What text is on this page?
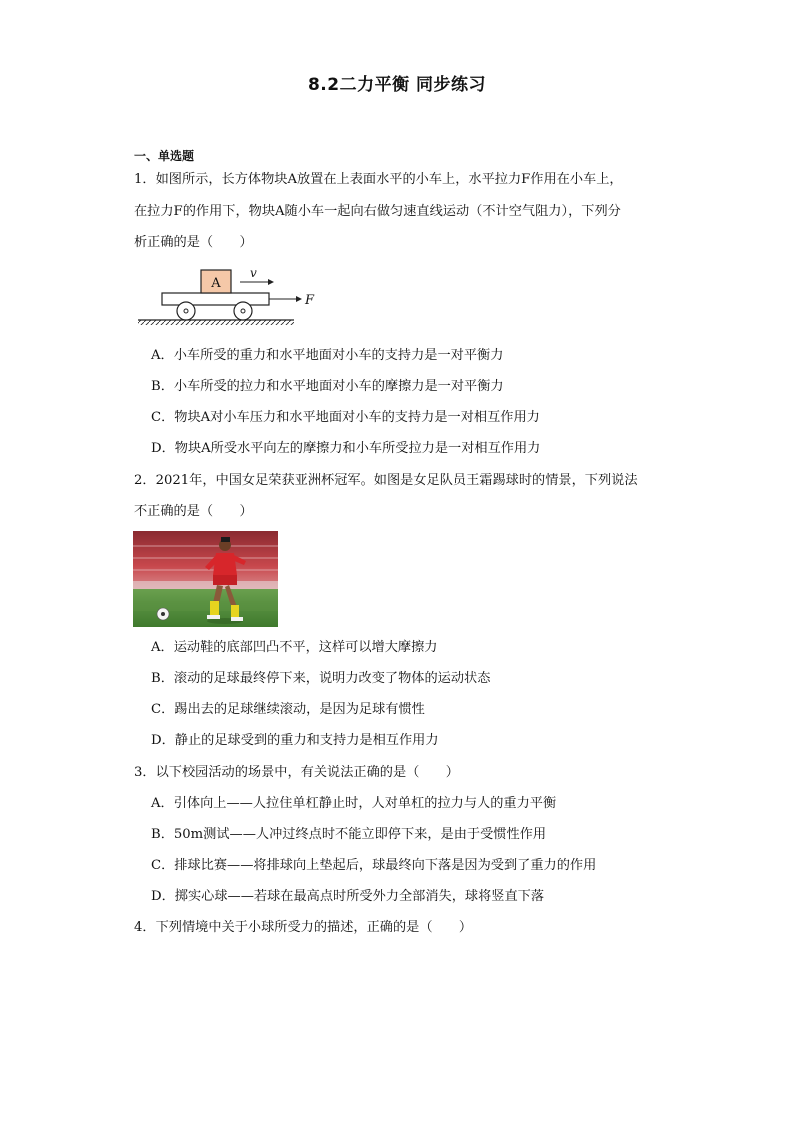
8.2二力平衡 同步练习
一、单选题
1．如图所示，长方体物块A放置在上表面水平的小车上，水平拉力F作用在小车上，
在拉力F的作用下，物块A随小车一起向右做匀速直线运动（不计空气阻力），下列分
析正确的是（　　）
A
v
F
A．小车所受的重力和水平地面对小车的支持力是一对平衡力
B．小车所受的拉力和水平地面对小车的摩擦力是一对平衡力
C．物块A对小车压力和水平地面对小车的支持力是一对相互作用力
D．物块A所受水平向左的摩擦力和小车所受拉力是一对相互作用力
2．2021年，中国女足荣获亚洲杯冠军。如图是女足队员王霜踢球时的情景，下列说法
不正确的是（　　）
A．运动鞋的底部凹凸不平，这样可以增大摩擦力
B．滚动的足球最终停下来，说明力改变了物体的运动状态
C．踢出去的足球继续滚动，是因为足球有惯性
D．静止的足球受到的重力和支持力是相互作用力
3．以下校园活动的场景中，有关说法正确的是（　　）
A．引体向上——人拉住单杠静止时，人对单杠的拉力与人的重力平衡
B．50m测试——人冲过终点时不能立即停下来，是由于受惯性作用
C．排球比赛——将排球向上垫起后，球最终向下落是因为受到了重力的作用
D．掷实心球——若球在最高点时所受外力全部消失，球将竖直下落
4．下列情境中关于小球所受力的描述，正确的是（　　）
